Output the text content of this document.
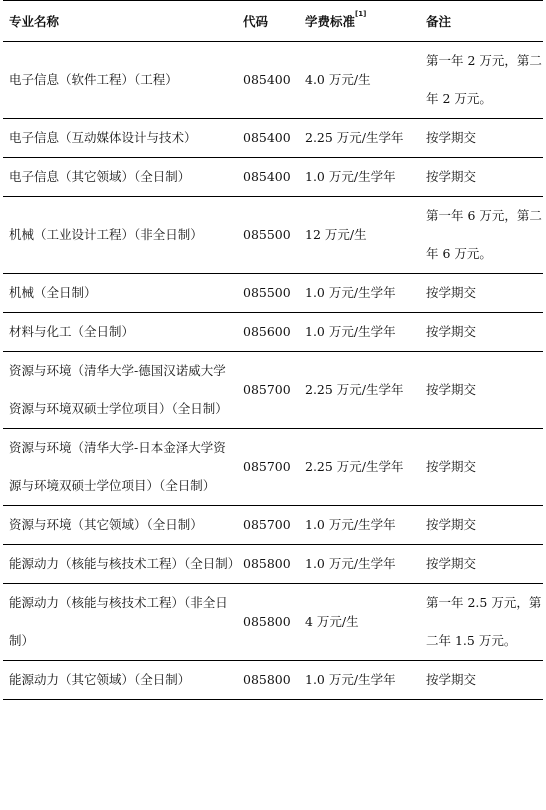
专业名称	代码	学费标准[1]	备注
电子信息（软件工程）（工程）	085400	4.0 万元/生	第一年 2 万元，第二年 2 万元。
电子信息（互动媒体设计与技术）	085400	2.25 万元/生学年	按学期交
电子信息（其它领域）（全日制）	085400	1.0 万元/生学年	按学期交
机械（工业设计工程）（非全日制）	085500	12 万元/生	第一年 6 万元，第二年 6 万元。
机械（全日制）	085500	1.0 万元/生学年	按学期交
材料与化工（全日制）	085600	1.0 万元/生学年	按学期交
资源与环境（清华大学-德国汉诺威大学资源与环境双硕士学位项目）（全日制）	085700	2.25 万元/生学年	按学期交
资源与环境（清华大学-日本金泽大学资源与环境双硕士学位项目）（全日制）	085700	2.25 万元/生学年	按学期交
资源与环境（其它领域）（全日制）	085700	1.0 万元/生学年	按学期交
能源动力（核能与核技术工程）（全日制）	085800	1.0 万元/生学年	按学期交
能源动力（核能与核技术工程）（非全日制）	085800	4 万元/生	第一年 2.5 万元，第二年 1.5 万元。
能源动力（其它领域）（全日制）	085800	1.0 万元/生学年	按学期交
